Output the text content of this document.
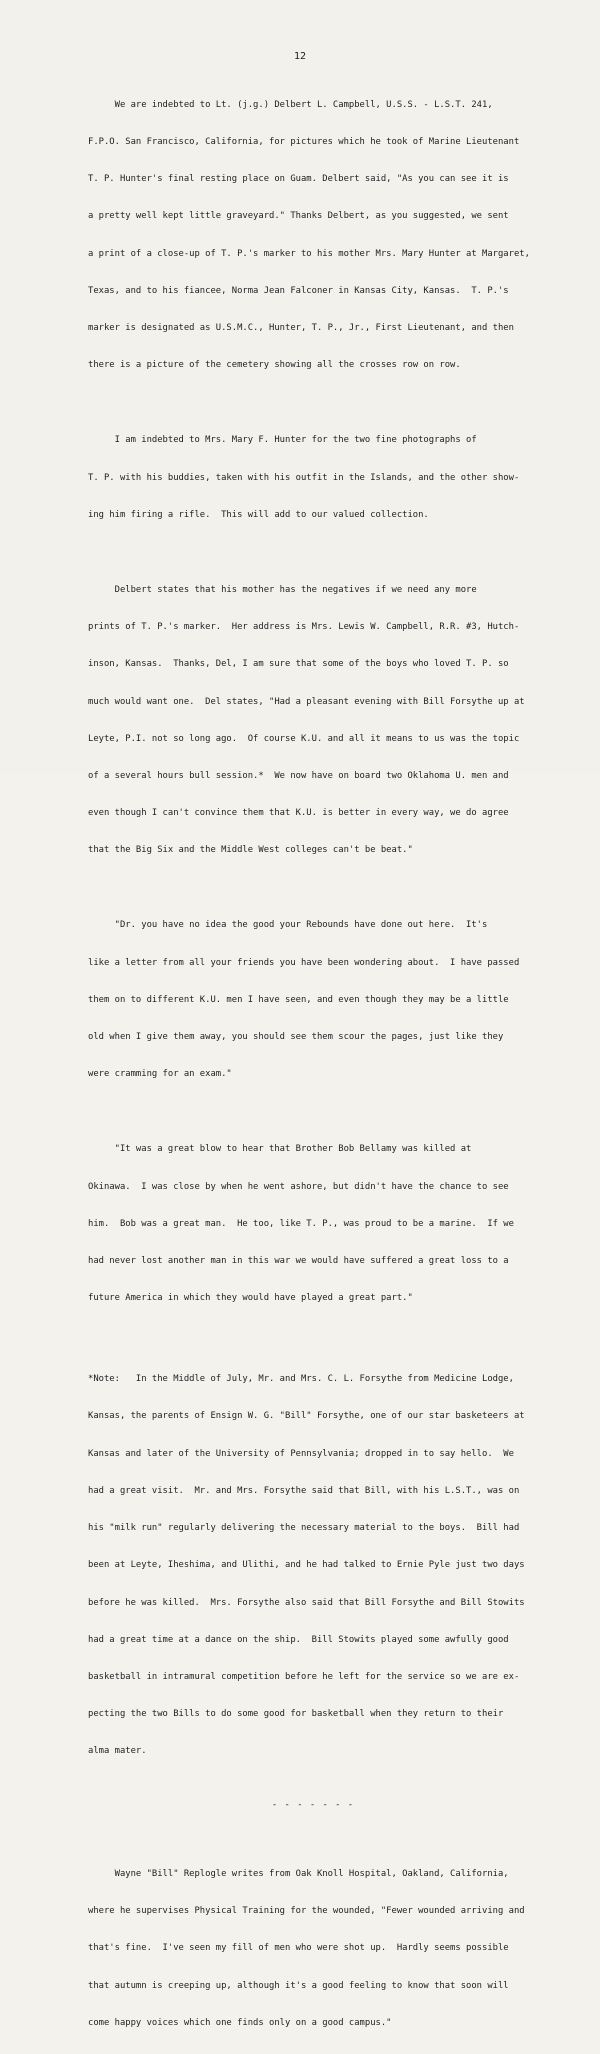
12

We are indebted to Lt. (j.g.) Delbert L. Campbell, U.S.S. - L.S.T. 241,

F.P.O. San Francisco, California, for pictures which he took of Marine Lieutenant

T. P. Hunter's final resting place on Guam. Delbert said, "As you can see it is

a pretty well kept little graveyard." Thanks Delbert, as you suggested, we sent

a print of a close-up of T. P.'s marker to his mother Mrs. Mary Hunter at Margaret,

Texas, and to his fiancee, Norma Jean Falconer in Kansas City, Kansas.  T. P.'s

marker is designated as U.S.M.C., Hunter, T. P., Jr., First Lieutenant, and then

there is a picture of the cemetery showing all the crosses row on row.

I am indebted to Mrs. Mary F. Hunter for the two fine photographs of

T. P. with his buddies, taken with his outfit in the Islands, and the other show-

ing him firing a rifle.  This will add to our valued collection.

Delbert states that his mother has the negatives if we need any more

prints of T. P.'s marker.  Her address is Mrs. Lewis W. Campbell, R.R. #3, Hutch-

inson, Kansas.  Thanks, Del, I am sure that some of the boys who loved T. P. so

much would want one.  Del states, "Had a pleasant evening with Bill Forsythe up at

Leyte, P.I. not so long ago.  Of course K.U. and all it means to us was the topic

of a several hours bull session.*  We now have on board two Oklahoma U. men and

even though I can't convince them that K.U. is better in every way, we do agree

that the Big Six and the Middle West colleges can't be beat."

"Dr. you have no idea the good your Rebounds have done out here.  It's

like a letter from all your friends you have been wondering about.  I have passed

them on to different K.U. men I have seen, and even though they may be a little

old when I give them away, you should see them scour the pages, just like they

were cramming for an exam."

"It was a great blow to hear that Brother Bob Bellamy was killed at

Okinawa.  I was close by when he went ashore, but didn't have the chance to see

him.  Bob was a great man.  He too, like T. P., was proud to be a marine.  If we

had never lost another man in this war we would have suffered a great loss to a

future America in which they would have played a great part."

*Note:   In the Middle of July, Mr. and Mrs. C. L. Forsythe from Medicine Lodge,

Kansas, the parents of Ensign W. G. "Bill" Forsythe, one of our star basketeers at

Kansas and later of the University of Pennsylvania; dropped in to say hello.  We

had a great visit.  Mr. and Mrs. Forsythe said that Bill, with his L.S.T., was on

his "milk run" regularly delivering the necessary material to the boys.  Bill had

been at Leyte, Iheshima, and Ulithi, and he had talked to Ernie Pyle just two days

before he was killed.  Mrs. Forsythe also said that Bill Forsythe and Bill Stowits

had a great time at a dance on the ship.  Bill Stowits played some awfully good

basketball in intramural competition before he left for the service so we are ex-

pecting the two Bills to do some good for basketball when they return to their

alma mater.

- - - - - - -

Wayne "Bill" Replogle writes from Oak Knoll Hospital, Oakland, California,

where he supervises Physical Training for the wounded, "Fewer wounded arriving and

that's fine.  I've seen my fill of men who were shot up.  Hardly seems possible

that autumn is creeping up, although it's a good feeling to know that soon will

come happy voices which one finds only on a good campus."
